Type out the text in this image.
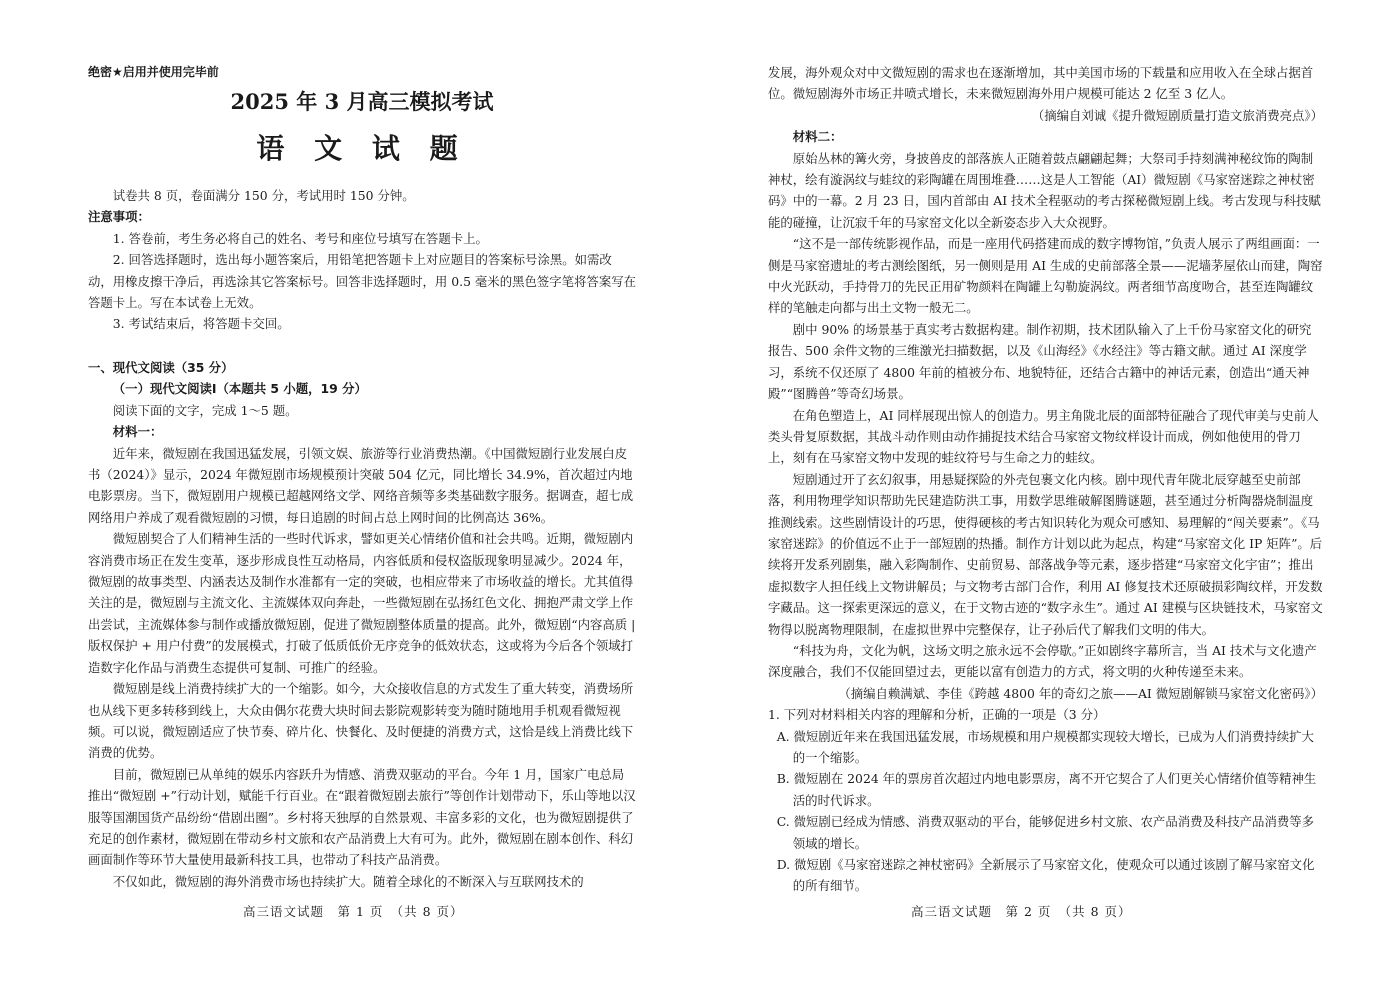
绝密★启用并使用完毕前
2025 年 3 月高三模拟考试
语 文 试 题

试卷共 8 页，卷面满分 150 分，考试用时 150 分钟。

注意事项：

1. 答卷前，考生务必将自己的姓名、考号和座位号填写在答题卡上。

2. 回答选择题时，选出每小题答案后，用铅笔把答题卡上对应题目的答案标号涂黑。如需改动，用橡皮擦干净后，再选涂其它答案标号。回答非选择题时，用 0.5 毫米的黑色签字笔将答案写在答题卡上。写在本试卷上无效。

3. 考试结束后，将答题卡交回。

一、现代文阅读（35 分）

（一）现代文阅读Ⅰ（本题共 5 小题，19 分）

阅读下面的文字，完成 1～5 题。

材料一：

近年来，微短剧在我国迅猛发展，引领文娱、旅游等行业消费热潮。《中国微短剧行业发展白皮书（2024）》显示，2024 年微短剧市场规模预计突破 504 亿元，同比增长 34.9%，首次超过内地电影票房。当下，微短剧用户规模已超越网络文学、网络音频等多类基础数字服务。据调查，超七成网络用户养成了观看微短剧的习惯，每日追剧的时间占总上网时间的比例高达 36%。

微短剧契合了人们精神生活的一些时代诉求，譬如更关心情绪价值和社会共鸣。近期，微短剧内容消费市场正在发生变革，逐步形成良性互动格局，内容低质和侵权盗版现象明显减少。2024 年，微短剧的故事类型、内涵表达及制作水准都有一定的突破，也相应带来了市场收益的增长。尤其值得关注的是，微短剧与主流文化、主流媒体双向奔赴，一些微短剧在弘扬红色文化、拥抱严肃文学上作出尝试，主流媒体参与制作或播放微短剧，促进了微短剧整体质量的提高。此外，微短剧“内容高质 | 版权保护 + 用户付费”的发展模式，打破了低质低价无序竞争的低效状态，这或将为今后各个领域打造数字化作品与消费生态提供可复制、可推广的经验。

微短剧是线上消费持续扩大的一个缩影。如今，大众接收信息的方式发生了重大转变，消费场所也从线下更多转移到线上，大众由偶尔花费大块时间去影院观影转变为随时随地用手机观看微短视频。可以说，微短剧适应了快节奏、碎片化、快餐化、及时便捷的消费方式，这恰是线上消费比线下消费的优势。

目前，微短剧已从单纯的娱乐内容跃升为情感、消费双驱动的平台。今年 1 月，国家广电总局推出“微短剧 +”行动计划，赋能千行百业。在“跟着微短剧去旅行”等创作计划带动下，乐山等地以汉服等国潮国货产品纷纷“借剧出圈”。乡村将天独厚的自然景观、丰富多彩的文化，也为微短剧提供了充足的创作素材，微短剧在带动乡村文旅和农产品消费上大有可为。此外，微短剧在剧本创作、科幻画面制作等环节大量使用最新科技工具，也带动了科技产品消费。

不仅如此，微短剧的海外消费市场也持续扩大。随着全球化的不断深入与互联网技术的

高三语文试题　第 1 页　（共 8 页）

发展，海外观众对中文微短剧的需求也在逐渐增加，其中美国市场的下载量和应用收入在全球占据首位。微短剧海外市场正井喷式增长，未来微短剧海外用户规模可能达 2 亿至 3 亿人。

（摘编自刘诚《提升微短剧质量打造文旅消费亮点》）

材料二：

原始丛林的篝火旁，身披兽皮的部落族人正随着鼓点翩翩起舞；大祭司手持刻满神秘纹饰的陶制神杖，绘有漩涡纹与蛙纹的彩陶罐在周围堆叠……这是人工智能（AI）微短剧《马家窑迷踪之神杖密码》中的一幕。2 月 23 日，国内首部由 AI 技术全程驱动的考古探秘微短剧上线。考古发现与科技赋能的碰撞，让沉寂千年的马家窑文化以全新姿态步入大众视野。

“这不是一部传统影视作品，而是一座用代码搭建而成的数字博物馆，”负责人展示了两组画面：一侧是马家窑遗址的考古测绘图纸，另一侧则是用 AI 生成的史前部落全景——泥墙茅屋依山而建，陶窑中火光跃动，手持骨刀的先民正用矿物颜料在陶罐上勾勒旋涡纹。两者细节高度吻合，甚至连陶罐纹样的笔触走向都与出土文物一般无二。

剧中 90% 的场景基于真实考古数据构建。制作初期，技术团队输入了上千份马家窑文化的研究报告、500 余件文物的三维激光扫描数据，以及《山海经》《水经注》等古籍文献。通过 AI 深度学习，系统不仅还原了 4800 年前的植被分布、地貌特征，还结合古籍中的神话元素，创造出“通天神殿”“图腾兽”等奇幻场景。

在角色塑造上，AI 同样展现出惊人的创造力。男主角陇北辰的面部特征融合了现代审美与史前人类头骨复原数据，其战斗动作则由动作捕捉技术结合马家窑文物纹样设计而成，例如他使用的骨刀上，刻有在马家窑文物中发现的蛙纹符号与生命之力的蛙纹。

短剧通过开了玄幻叙事，用悬疑探险的外壳包裹文化内核。剧中现代青年陇北辰穿越至史前部落，利用物理学知识帮助先民建造防洪工事，用数学思维破解图腾谜题，甚至通过分析陶器烧制温度推测线索。这些剧情设计的巧思，使得硬核的考古知识转化为观众可感知、易理解的“闯关要素”。《马家窑迷踪》的价值远不止于一部短剧的热播。制作方计划以此为起点，构建“马家窑文化 IP 矩阵”。后续将开发系列剧集，融入彩陶制作、史前贸易、部落战争等元素，逐步搭建“马家窑文化宇宙”；推出虚拟数字人担任线上文物讲解员；与文物考古部门合作，利用 AI 修复技术还原破损彩陶纹样，开发数字藏品。这一探索更深远的意义，在于文物古迹的“数字永生”。通过 AI 建模与区块链技术，马家窑文物得以脱离物理限制，在虚拟世界中完整保存，让子孙后代了解我们文明的伟大。

“科技为舟，文化为帆，这场文明之旅永远不会停歇。”正如剧终字幕所言，当 AI 技术与文化遗产深度融合，我们不仅能回望过去，更能以富有创造力的方式，将文明的火种传递至未来。

（摘编自赖满斌、李佳《跨越 4800 年的奇幻之旅——AI 微短剧解锁马家窑文化密码》）

1. 下列对材料相关内容的理解和分析，正确的一项是（3 分）

A. 微短剧近年来在我国迅猛发展，市场规模和用户规模都实现较大增长，已成为人们消费持续扩大的一个缩影。

B. 微短剧在 2024 年的票房首次超过内地电影票房，离不开它契合了人们更关心情绪价值等精神生活的时代诉求。

C. 微短剧已经成为情感、消费双驱动的平台，能够促进乡村文旅、农产品消费及科技产品消费等多领域的增长。

D. 微短剧《马家窑迷踪之神杖密码》全新展示了马家窑文化，使观众可以通过该剧了解马家窑文化的所有细节。

高三语文试题　第 2 页　（共 8 页）
